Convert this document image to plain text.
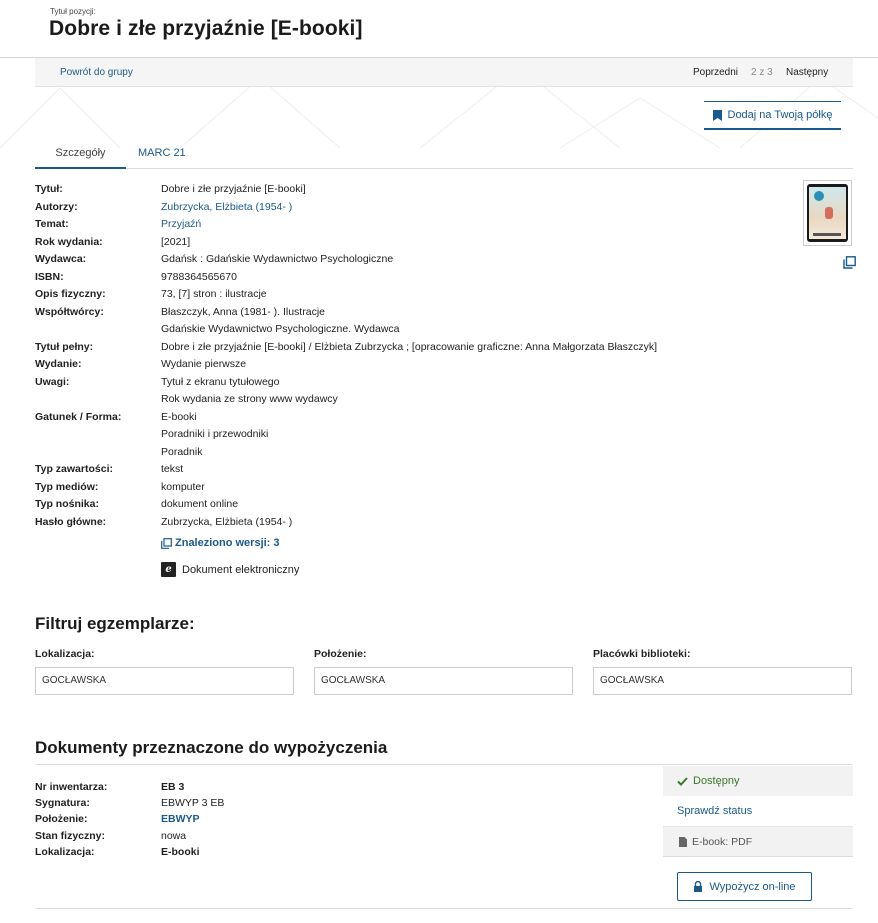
Tytuł pozycji:
Dobre i złe przyjaźnie [E-booki]
Powrót do grupy	Poprzedni 2 z 3 Następny
Dodaj na Twoją półkę
Szczegóły	MARC 21
Tytuł:	Dobre i złe przyjaźnie [E-booki]
Autorzy:	Zubrzycka, Elżbieta (1954- )
Temat:	Przyjaźń
Rok wydania:	[2021]
Wydawca:	Gdańsk : Gdańskie Wydawnictwo Psychologiczne
ISBN:	9788364565670
Opis fizyczny:	73, [7] stron : ilustracje
Współtwórcy:	Błaszczyk, Anna (1981- ). Ilustracje
Gdańskie Wydawnictwo Psychologiczne. Wydawca
Tytuł pełny:	Dobre i złe przyjaźnie [E-booki] / Elżbieta Zubrzycka ; [opracowanie graficzne: Anna Małgorzata Błaszczyk]
Wydanie:	Wydanie pierwsze
Uwagi:	Tytuł z ekranu tytułowego
Rok wydania ze strony www wydawcy
Gatunek / Forma:	E-booki
Poradniki i przewodniki
Poradnik
Typ zawartości:	tekst
Typ mediów:	komputer
Typ nośnika:	dokument online
Hasło główne:	Zubrzycka, Elżbieta (1954- )
Znaleziono wersji: 3
e Dokument elektroniczny
Filtruj egzemplarze:
Lokalizacja:	Położenie:	Placówki biblioteki:
GOCŁAWSKA	GOCŁAWSKA	GOCŁAWSKA
Dokumenty przeznaczone do wypożyczenia
Nr inwentarza:	EB 3
Sygnatura:	EBWYP 3 EB
Położenie:	EBWYP
Stan fizyczny:	nowa
Lokalizacja:	E-booki
Dostępny
Sprawdź status
E-book: PDF
Wypożycz on-line
